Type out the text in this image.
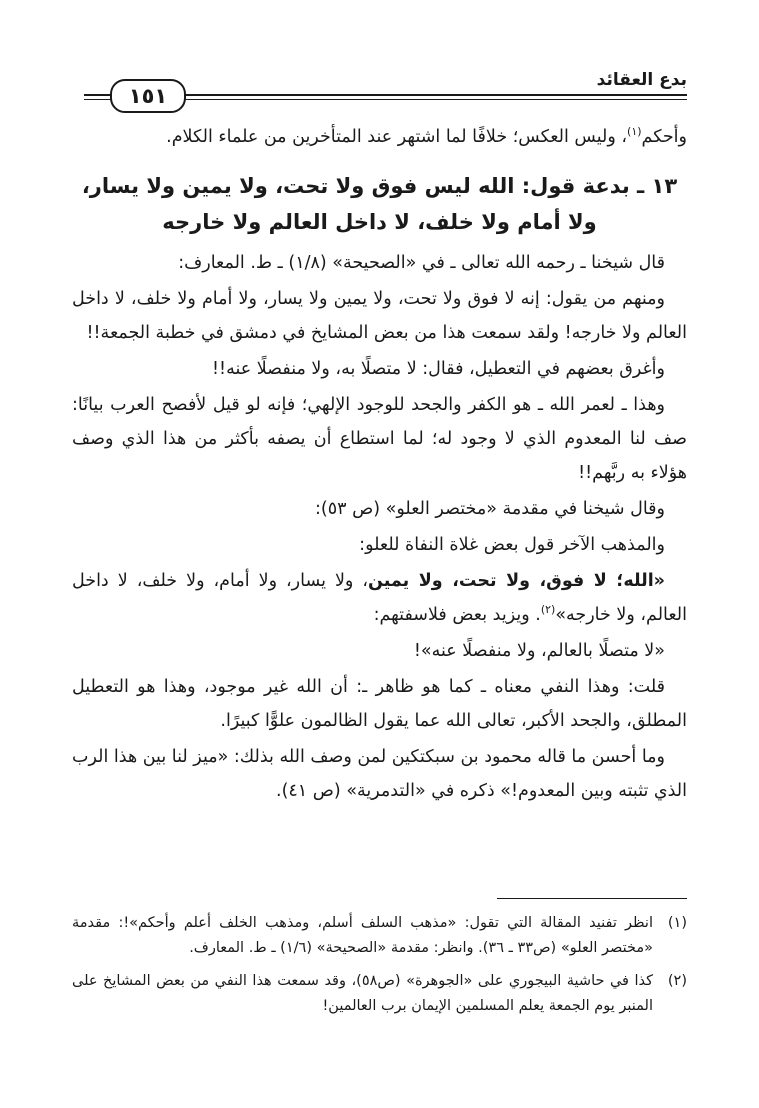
بدع العقائد
١٥١

وأحكم$^{(١)}$، وليس العكس؛ خلافًا لما اشتهر عند المتأخرين من علماء الكلام.

١٣ ـ بدعة قول: الله ليس فوق ولا تحت، ولا يمين ولا يسار،
ولا أمام ولا خلف، لا داخل العالم ولا خارجه

قال شيخنا ـ رحمه الله تعالى ـ في «الصحيحة» (١/٨) ـ ط. المعارف:

ومنهم من يقول: إنه لا فوق ولا تحت، ولا يمين ولا يسار، ولا أمام ولا خلف، لا داخل العالم ولا خارجه! ولقد سمعت هذا من بعض المشايخ في دمشق في خطبة الجمعة!!

وأغرق بعضهم في التعطيل، فقال: لا متصلًا به، ولا منفصلًا عنه!!

وهذا ـ لعمر الله ـ هو الكفر والجحد للوجود الإلهي؛ فإنه لو قيل لأفصح العرب بيانًا: صف لنا المعدوم الذي لا وجود له؛ لما استطاع أن يصفه بأكثر من هذا الذي وصف هؤلاء به ربَّهم!!

وقال شيخنا في مقدمة «مختصر العلو» (ص ٥٣):

والمذهب الآخر قول بعض غلاة النفاة للعلو:

«الله؛ لا فوق، ولا تحت، ولا يمين، ولا يسار، ولا أمام، ولا خلف، لا داخل العالم، ولا خارجه»$^{(٢)}$. ويزيد بعض فلاسفتهم:

«لا متصلًا بالعالم، ولا منفصلًا عنه»!

قلت: وهذا النفي معناه ـ كما هو ظاهر ـ: أن الله غير موجود، وهذا هو التعطيل المطلق، والجحد الأكبر، تعالى الله عما يقول الظالمون علوًّا كبيرًا.

وما أحسن ما قاله محمود بن سبكتكين لمن وصف الله بذلك: «ميز لنا بين هذا الرب الذي تثبته وبين المعدوم!» ذكره في «التدمرية» (ص ٤١).

(١)
انظر تفنيد المقالة التي تقول: «مذهب السلف أسلم، ومذهب الخلف أعلم وأحكم»!: مقدمة «مختصر العلو» (ص٣٣ ـ ٣٦). وانظر: مقدمة «الصحيحة» (١/٦) ـ ط. المعارف.
(٢)
كذا في حاشية البيجوري على «الجوهرة» (ص٥٨)، وقد سمعت هذا النفي من بعض المشايخ على المنبر يوم الجمعة يعلم المسلمين الإيمان برب العالمين!
